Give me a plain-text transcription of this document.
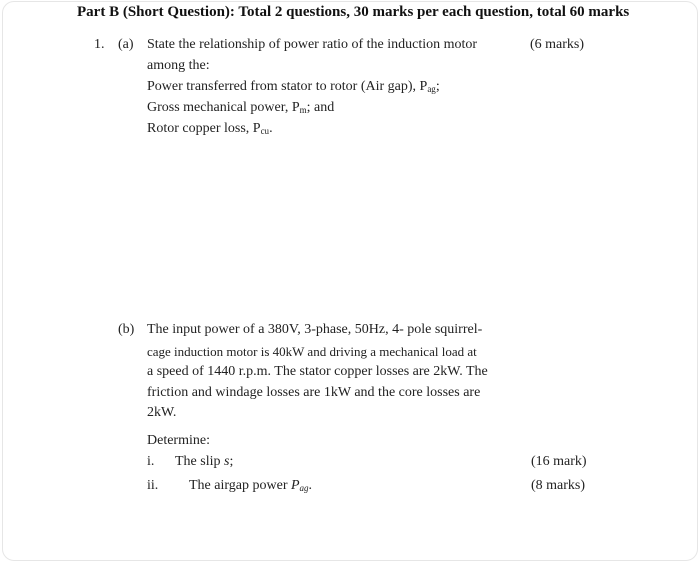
Part B (Short Question): Total 2 questions, 30 marks per each question, total 60 marks
1. (a) State the relationship of power ratio of the induction motor	(6 marks)
among the:
Power transferred from stator to rotor (Air gap), $P_{ag}$;
Gross mechanical power, $P_m$; and
Rotor copper loss, $P_{cu}$.
(b) The input power of a 380V, 3-phase, 50Hz, 4- pole squirrel-
cage induction motor is 40kW and driving a mechanical load at
a speed of 1440 r.p.m. The stator copper losses are 2kW. The
friction and windage losses are 1kW and the core losses are
2kW.
Determine:
i. The slip s;	(16 mark)
ii. The airgap power $P_{ag}$.	(8 marks)
